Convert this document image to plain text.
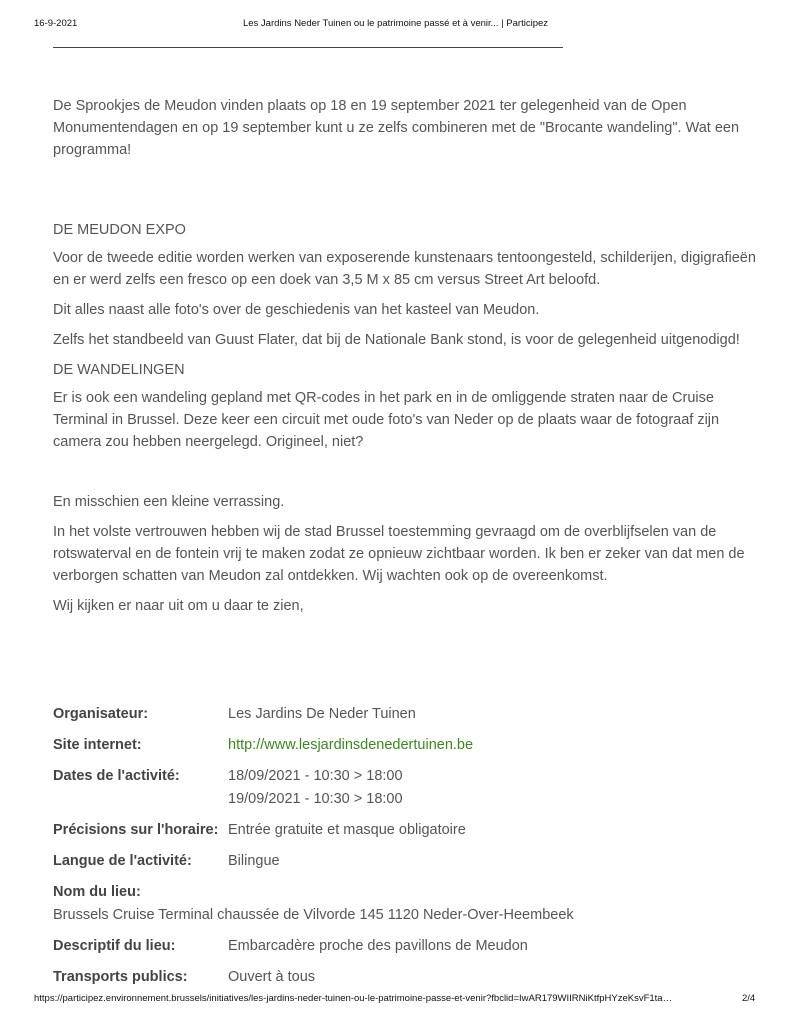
16-9-2021	Les Jardins Neder Tuinen ou le patrimoine passé et à venir... | Participez

De Sprookjes de Meudon vinden plaats op 18 en 19 september 2021 ter gelegenheid van de Open Monumentendagen en op 19 september kunt u ze zelfs combineren met de "Brocante wandeling". Wat een programma!

DE MEUDON EXPO

Voor de tweede editie worden werken van exposerende kunstenaars tentoongesteld, schilderijen, digigrafieën en er werd zelfs een fresco op een doek van 3,5 M x 85 cm versus Street Art beloofd.

Dit alles naast alle foto's over de geschiedenis van het kasteel van Meudon.

Zelfs het standbeeld van Guust Flater, dat bij de Nationale Bank stond, is voor de gelegenheid uitgenodigd!

DE WANDELINGEN

Er is ook een wandeling gepland met QR-codes in het park en in de omliggende straten naar de Cruise Terminal in Brussel. Deze keer een circuit met oude foto's van Neder op de plaats waar de fotograaf zijn camera zou hebben neergelegd. Origineel, niet?

En misschien een kleine verrassing.

In het volste vertrouwen hebben wij de stad Brussel toestemming gevraagd om de overblijfselen van de rotswaterval en de fontein vrij te maken zodat ze opnieuw zichtbaar worden. Ik ben er zeker van dat men de verborgen schatten van Meudon zal ontdekken. Wij wachten ook op de overeenkomst.

Wij kijken er naar uit om u daar te zien,

Organisateur:	Les Jardins De Neder Tuinen
Site internet:	http://www.lesjardinsdenedertuinen.be
Dates de l'activité:	18/09/2021 - 10:30 > 18:00
19/09/2021 - 10:30 > 18:00
Précisions sur l'horaire: Entrée gratuite et masque obligatoire
Langue de l'activité: Bilingue
Nom du lieu:
Brussels Cruise Terminal chaussée de Vilvorde 145 1120 Neder-Over-Heembeek
Descriptif du lieu:	Embarcadère proche des pavillons de Meudon
Transports publics:	Ouvert à tous
https://participez.environnement.brussels/initiatives/les-jardins-neder-tuinen-ou-le-patrimoine-passe-et-venir?fbclid=IwAR179WIIRNiKtfpHYzeKsvF1ta…	2/4
